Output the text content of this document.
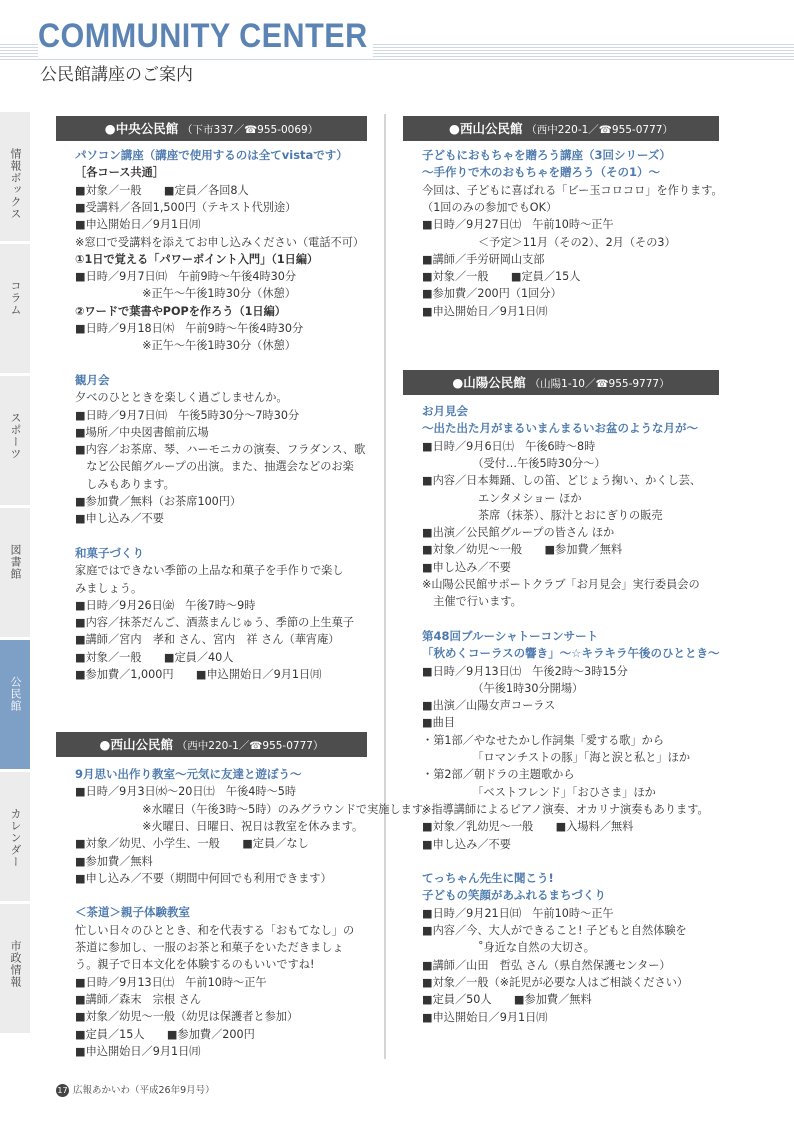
COMMUNITY CENTER
公民館講座のご案内
情報ボックス
コラム
スポーツ
図書館
公民館
カレンダー
市政情報
●中央公民館 （下市337／☎955-0069）
パソコン講座（講座で使用するのは全てvistaです）
［各コース共通］
■対象／一般　　■定員／各回8人
■受講料／各回1,500円（テキスト代別途）
■申込開始日／9月1日㈪
※窓口で受講料を添えてお申し込みください（電話不可）
①1日で覚える「パワーポイント入門」（1日編）
■日時／9月7日㈰　午前9時〜午後4時30分
　　　　　　※正午〜午後1時30分（休憩）
②ワードで葉書やPOPを作ろう（1日編）
■日時／9月18日㈭　午前9時〜午後4時30分
　　　　　　※正午〜午後1時30分（休憩）
観月会
夕べのひとときを楽しく過ごしませんか。
■日時／9月7日㈰　午後5時30分〜7時30分
■場所／中央図書館前広場
■内容／お茶席、琴、ハーモニカの演奏、フラダンス、歌
　など公民館グループの出演。また、抽選会などのお楽
　しみもあります。
■参加費／無料（お茶席100円）
■申し込み／不要
和菓子づくり
家庭ではできない季節の上品な和菓子を手作りで楽し
みましょう。
■日時／9月26日㈮　午後7時〜9時
■内容／抹茶だんご、酒蒸まんじゅう、季節の上生菓子
■講師／宮内　孝和 さん、宮内　祥 さん（華宵庵）
■対象／一般　　■定員／40人
■参加費／1,000円　　■申込開始日／9月1日㈪
●西山公民館 （西中220-1／☎955-0777）
9月思い出作り教室〜元気に友達と遊ぼう〜
■日時／9月3日㈬〜20日㈯　午後4時〜5時
　　　　　　※水曜日（午後3時〜5時）のみグラウンドで実施します。
　　　　　　※火曜日、日曜日、祝日は教室を休みます。
■対象／幼児、小学生、一般　　■定員／なし
■参加費／無料
■申し込み／不要（期間中何回でも利用できます）
＜茶道＞親子体験教室
忙しい日々のひととき、和を代表する「おもてなし」の
茶道に参加し、一服のお茶と和菓子をいただきましょ
う。親子で日本文化を体験するのもいいですね!
■日時／9月13日㈯　午前10時〜正午
■講師／森末　宗根 さん
■対象／幼児〜一般（幼児は保護者と参加）
■定員／15人　　■参加費／200円
■申込開始日／9月1日㈪
●西山公民館 （西中220-1／☎955-0777）
子どもにおもちゃを贈ろう講座（3回シリーズ）
〜手作りで木のおもちゃを贈ろう（その1）〜
今回は、子どもに喜ばれる「ビー玉コロコロ」を作ります。
（1回のみの参加でもOK）
■日時／9月27日㈯　午前10時〜正午
　　　　　＜予定＞11月（その2）、2月（その3）
■講師／手労研岡山支部
■対象／一般　　■定員／15人
■参加費／200円（1回分）
■申込開始日／9月1日㈪
●山陽公民館 （山陽1-10／☎955-9777）
お月見会
〜出た出た月がまるいまんまるいお盆のような月が〜
■日時／9月6日㈯　午後6時〜8時
　　　　　（受付…午後5時30分〜）
■内容／日本舞踊、しの笛、どじょう掬い、かくし芸、
　　　　　エンタメショー ほか
　　　　　茶席（抹茶）、豚汁とおにぎりの販売
■出演／公民館グループの皆さん ほか
■対象／幼児〜一般　　■参加費／無料
■申し込み／不要
※山陽公民館サポートクラブ「お月見会」実行委員会の
　主催で行います。
第48回ブルーシャトーコンサート
「秋めくコーラスの響き」〜☆キラキラ午後のひととき〜
■日時／9月13日㈯　午後2時〜3時15分
　　　　　（午後1時30分開場）
■出演／山陽女声コーラス
■曲目
・第1部／やなせたかし作詞集「愛する歌」から
　　　　　「ロマンチストの豚」「海と涙と私と」ほか
・第2部／朝ドラの主題歌から
　　　　　「ベストフレンド」「おひさま」ほか
※指導講師によるピアノ演奏、オカリナ演奏もあります。
■対象／乳幼児〜一般　　■入場料／無料
■申し込み／不要
てっちゃん先生に聞こう!
子どもの笑顔があふれるまちづくり
■日時／9月21日㈰　午前10時〜正午
■内容／今、大人ができること! 子どもと自然体験を
　　　　　˚身近な自然の大切さ。
■講師／山田　哲弘 さん（県自然保護センター）
■対象／一般（※託児が必要な人はご相談ください）
■定員／50人　　■参加費／無料
■申込開始日／9月1日㈪
17 広報あかいわ（平成26年9月号）
